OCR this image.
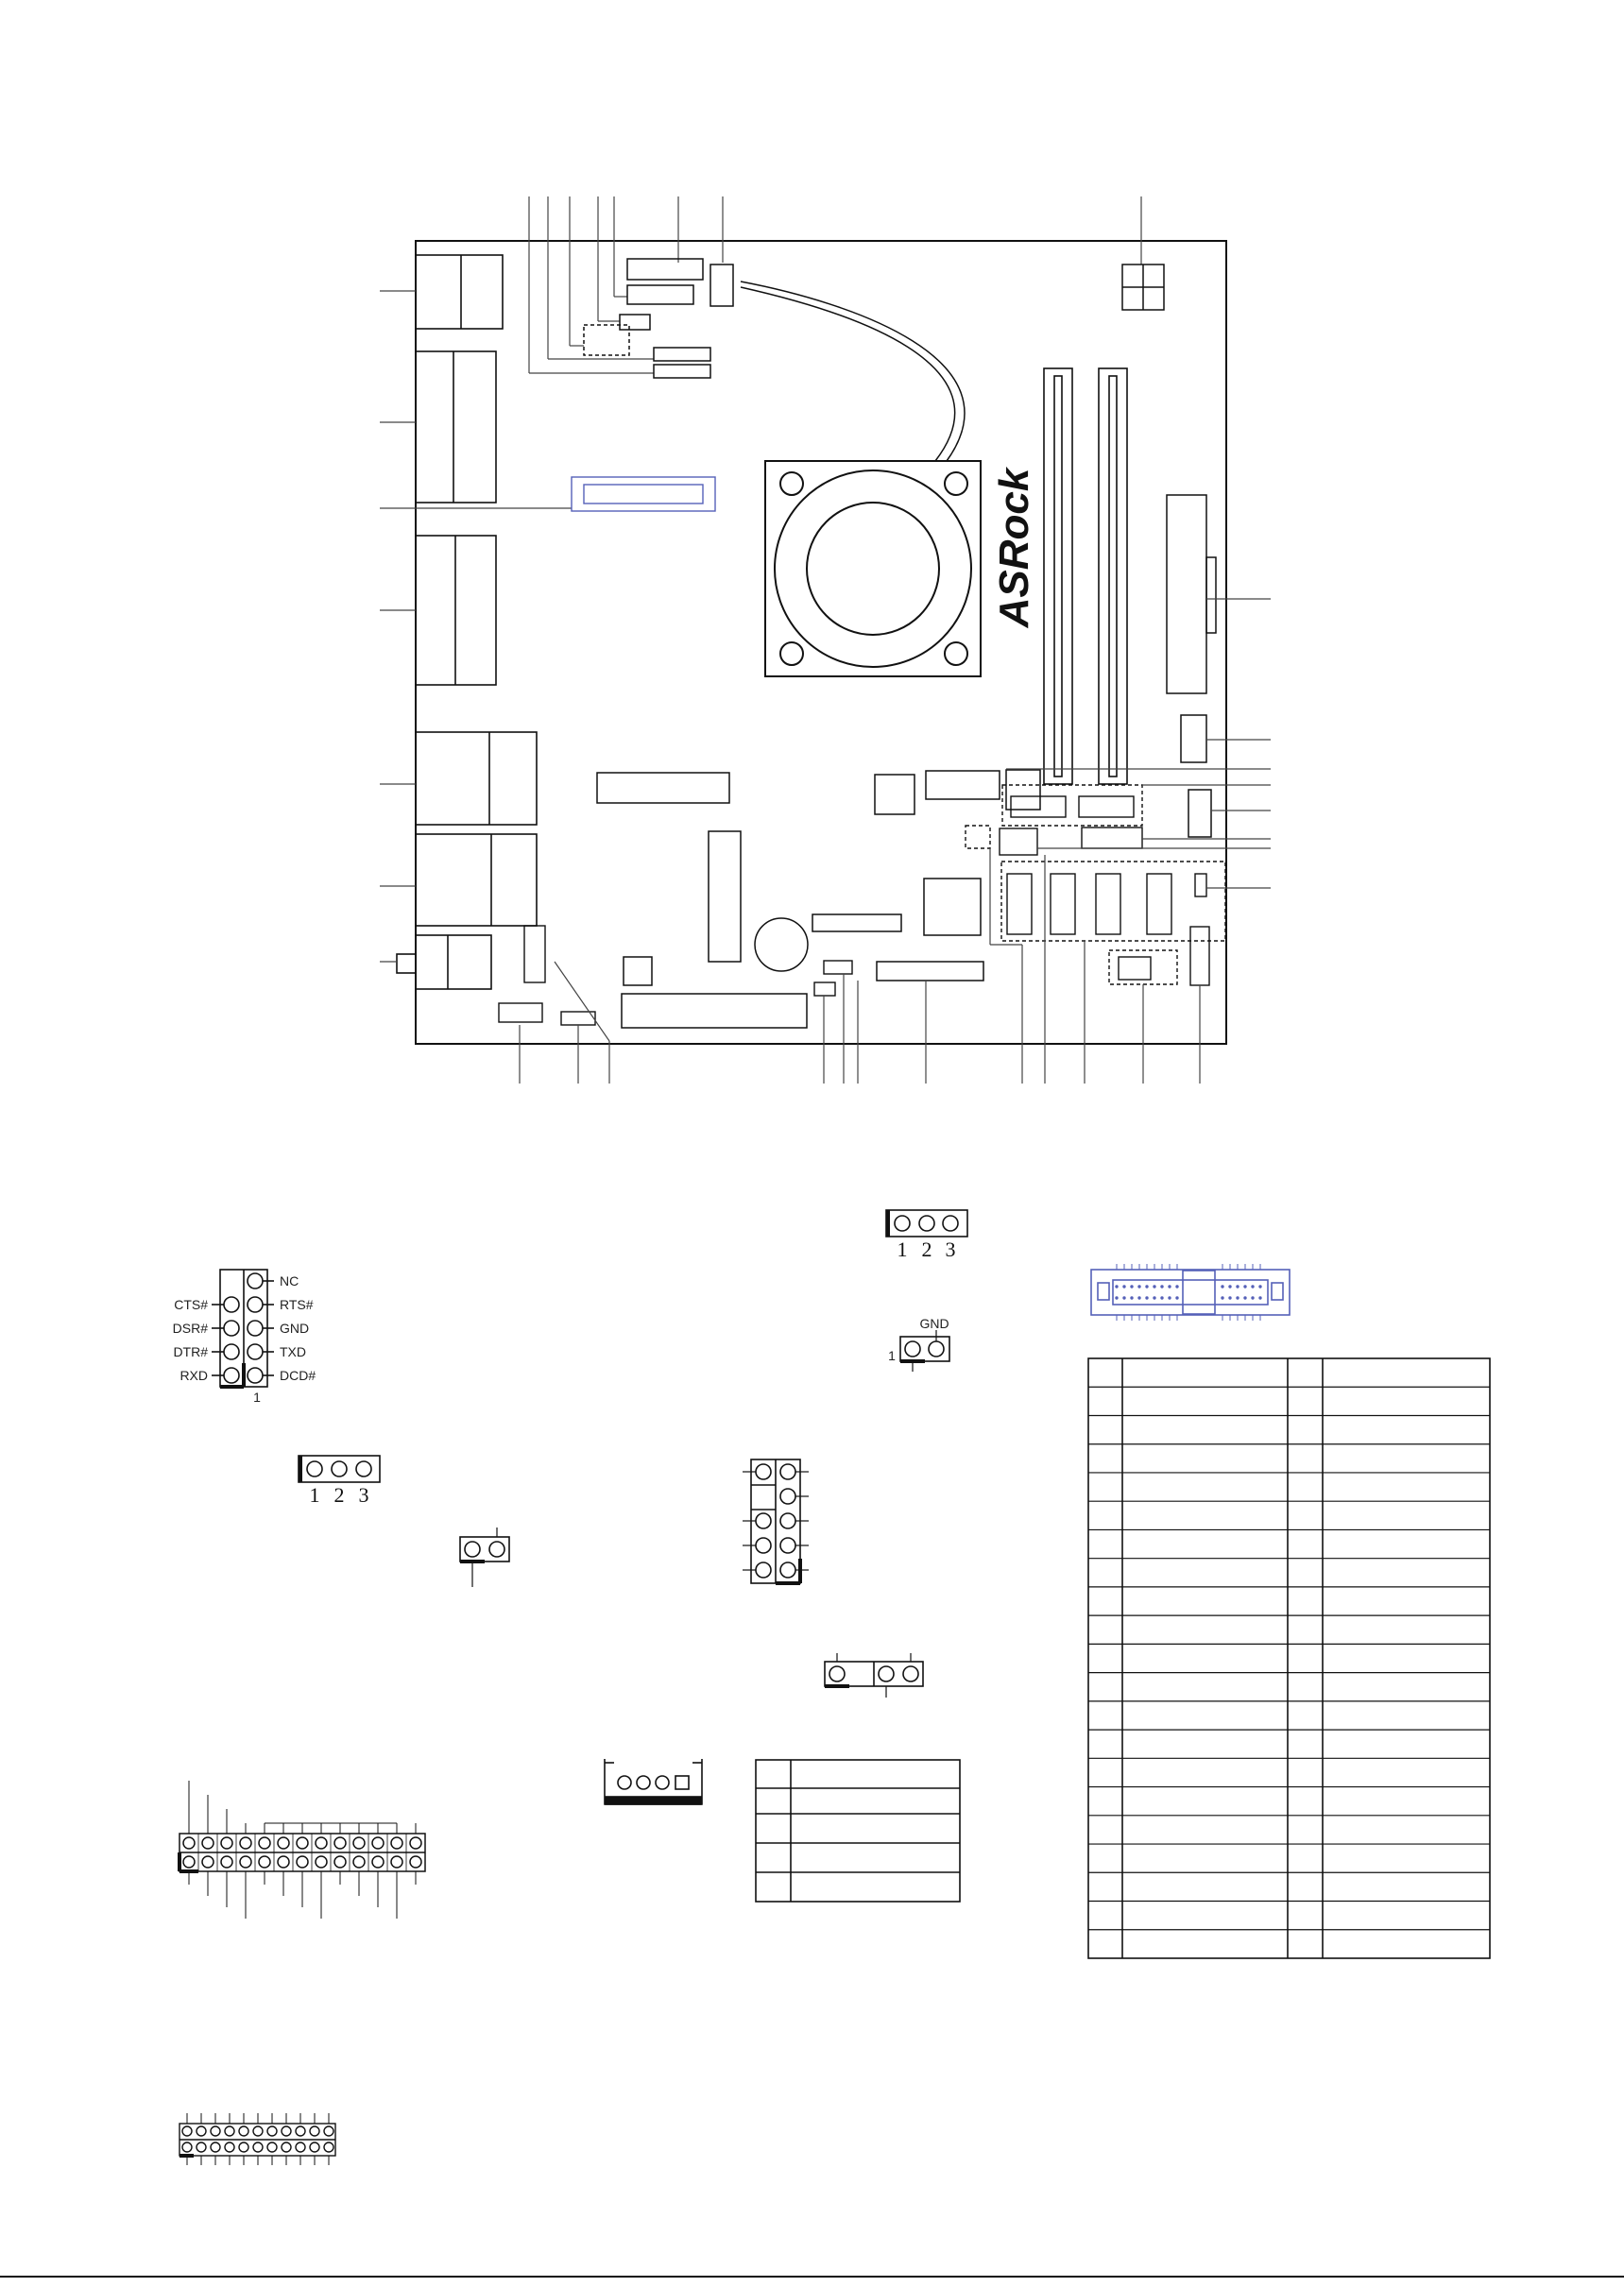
ASRock
CTS#
DSR#
DTR#
RXD
NC
RTS#
GND
TXD
DCD#
1
1 2 3
1 2 3
GND
1
